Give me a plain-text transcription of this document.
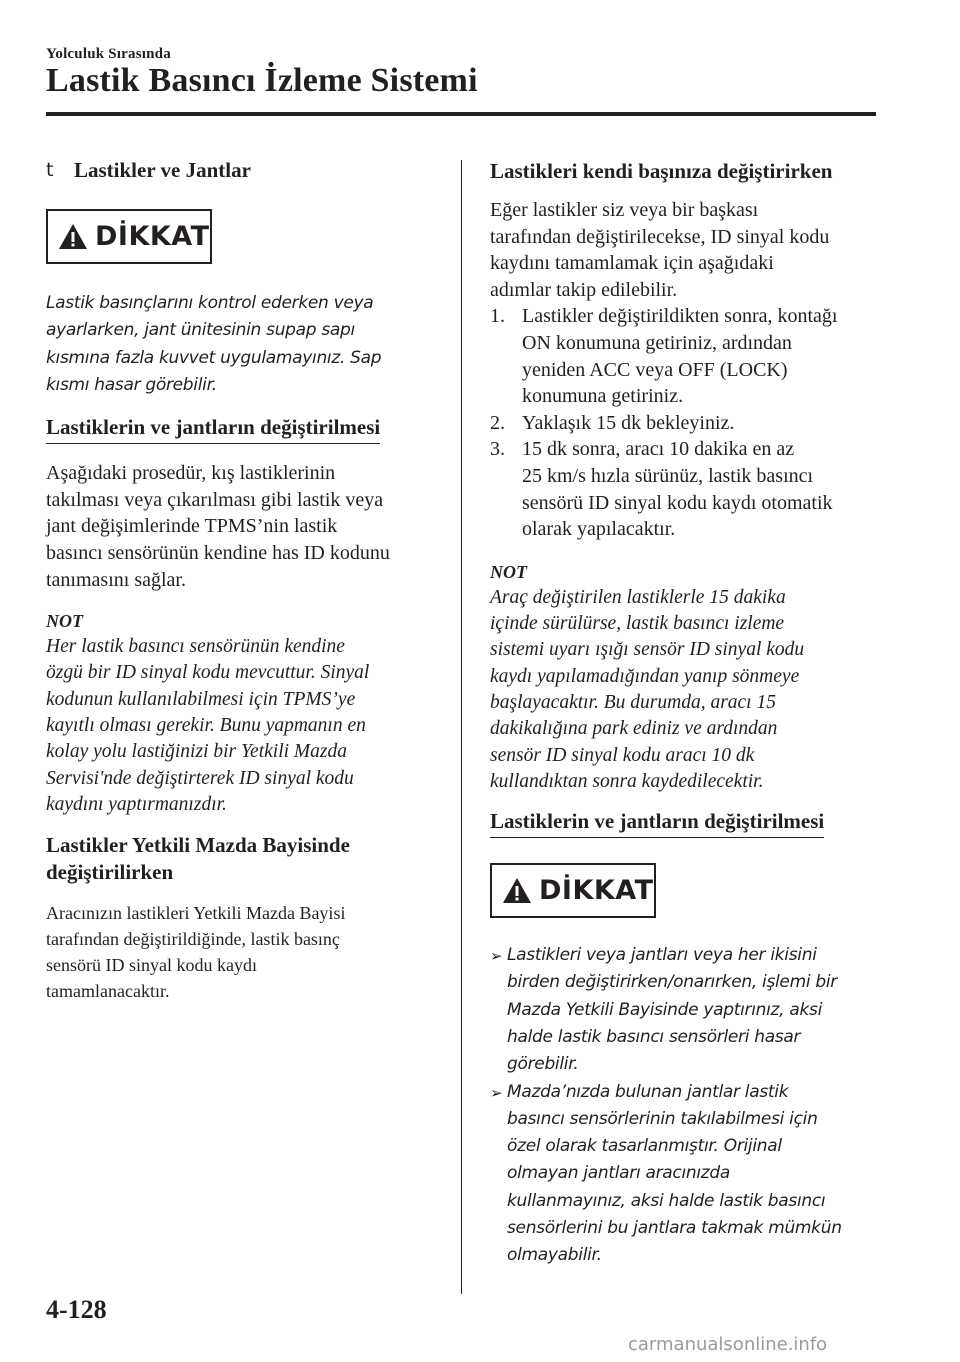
Yolculuk Sırasında
Lastik Basıncı İzleme Sistemi
t Lastikler ve Jantlar
DİKKAT
Lastik basınçlarını kontrol ederken veya
ayarlarken, jant ünitesinin supap sapı
kısmına fazla kuvvet uygulamayınız. Sap
kısmı hasar görebilir.
Lastiklerin ve jantların değiştirilmesi
Aşağıdaki prosedür, kış lastiklerinin
takılması veya çıkarılması gibi lastik veya
jant değişimlerinde TPMS’nin lastik
basıncı sensörünün kendine has ID kodunu
tanımasını sağlar.
NOT
Her lastik basıncı sensörünün kendine
özgü bir ID sinyal kodu mevcuttur. Sinyal
kodunun kullanılabilmesi için TPMS’ye
kayıtlı olması gerekir. Bunu yapmanın en
kolay yolu lastiğinizi bir Yetkili Mazda
Servisi'nde değiştirterek ID sinyal kodu
kaydını yaptırmanızdır.
Lastikler Yetkili Mazda Bayisinde
değiştirilirken
Aracınızın lastikleri Yetkili Mazda Bayisi
tarafından değiştirildiğinde, lastik basınç
sensörü ID sinyal kodu kaydı
tamamlanacaktır.
Lastikleri kendi başınıza değiştirirken
Eğer lastikler siz veya bir başkası
tarafından değiştirilecekse, ID sinyal kodu
kaydını tamamlamak için aşağıdaki
adımlar takip edilebilir.
1. Lastikler değiştirildikten sonra, kontağı
ON konumuna getiriniz, ardından
yeniden ACC veya OFF (LOCK)
konumuna getiriniz.
2. Yaklaşık 15 dk bekleyiniz.
3. 15 dk sonra, aracı 10 dakika en az
25 km/s hızla sürünüz, lastik basıncı
sensörü ID sinyal kodu kaydı otomatik
olarak yapılacaktır.
NOT
Araç değiştirilen lastiklerle 15 dakika
içinde sürülürse, lastik basıncı izleme
sistemi uyarı ışığı sensör ID sinyal kodu
kaydı yapılamadığından yanıp sönmeye
başlayacaktır. Bu durumda, aracı 15
dakikalığına park ediniz ve ardından
sensör ID sinyal kodu aracı 10 dk
kullandıktan sonra kaydedilecektir.
Lastiklerin ve jantların değiştirilmesi
DİKKAT
➢ Lastikleri veya jantları veya her ikisini
birden değiştirirken/onarırken, işlemi bir
Mazda Yetkili Bayisinde yaptırınız, aksi
halde lastik basıncı sensörleri hasar
görebilir.
➢ Mazda’nızda bulunan jantlar lastik
basıncı sensörlerinin takılabilmesi için
özel olarak tasarlanmıştır. Orijinal
olmayan jantları aracınızda
kullanmayınız, aksi halde lastik basıncı
sensörlerini bu jantlara takmak mümkün
olmayabilir.
4-128
carmanualsonline.info
